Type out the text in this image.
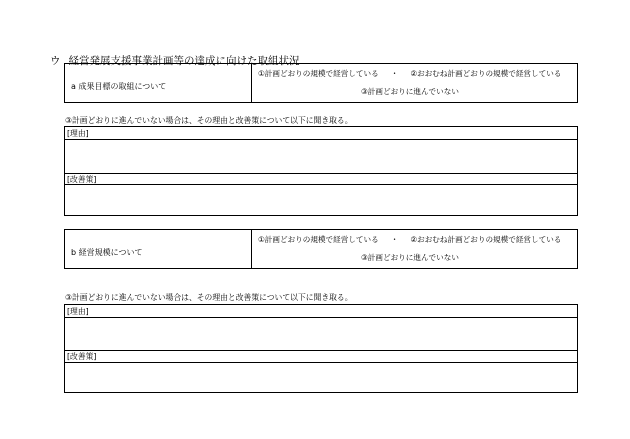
ウ 経営発展支援事業計画等の達成に向けた取組状況
a 成果目標の取組について
①計画どおりの規模で経営している ・ ②おおむね計画どおりの規模で経営している
③計画どおりに進んでいない
③計画どおりに進んでいない場合は、その理由と改善策について以下に聞き取る。
[理由]
[改善策]
b 経営規模について
①計画どおりの規模で経営している ・ ②おおむね計画どおりの規模で経営している
③計画どおりに進んでいない
③計画どおりに進んでいない場合は、その理由と改善策について以下に聞き取る。
[理由]
[改善策]
